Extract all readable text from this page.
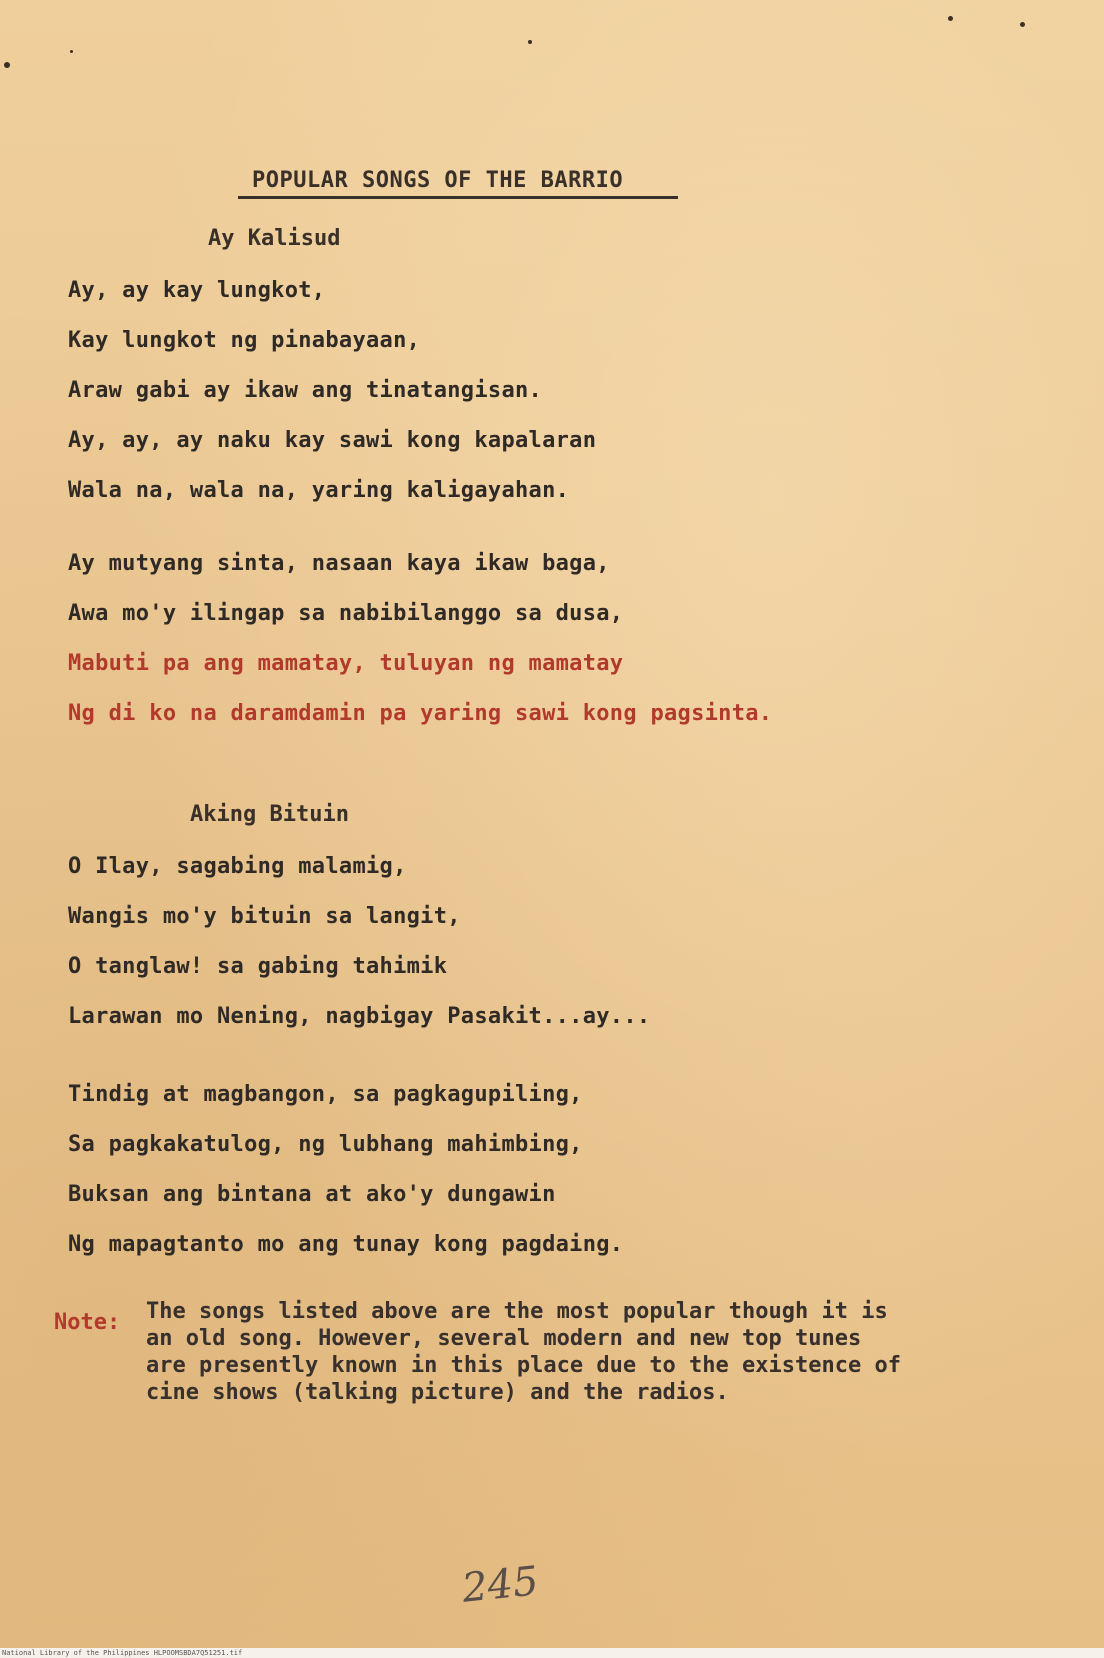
POPULAR SONGS OF THE BARRIO
Ay Kalisud
Ay, ay kay lungkot,
Kay lungkot ng pinabayaan,
Araw gabi ay ikaw ang tinatangisan.
Ay, ay, ay naku kay sawi kong kapalaran
Wala na, wala na, yaring kaligayahan.
Ay mutyang sinta, nasaan kaya ikaw baga,
Awa mo'y ilingap sa nabibilanggo sa dusa,
Mabuti pa ang mamatay, tuluyan ng mamatay
Ng di ko na daramdamin pa yaring sawi kong pagsinta.
Aking Bituin
O Ilay, sagabing malamig,
Wangis mo'y bituin sa langit,
O tanglaw! sa gabing tahimik
Larawan mo Nening, nagbigay Pasakit...ay...
Tindig at magbangon, sa pagkagupiling,
Sa pagkakatulog, ng lubhang mahimbing,
Buksan ang bintana at ako'y dungawin
Ng mapagtanto mo ang tunay kong pagdaing.
Note: The songs listed above are the most popular though it is
an old song. However, several modern and new top tunes
are presently known in this place due to the existence of
cine shows (talking picture) and the radios.
245
National Library of the Philippines HLPOOMSBDA7Q51251.tif
